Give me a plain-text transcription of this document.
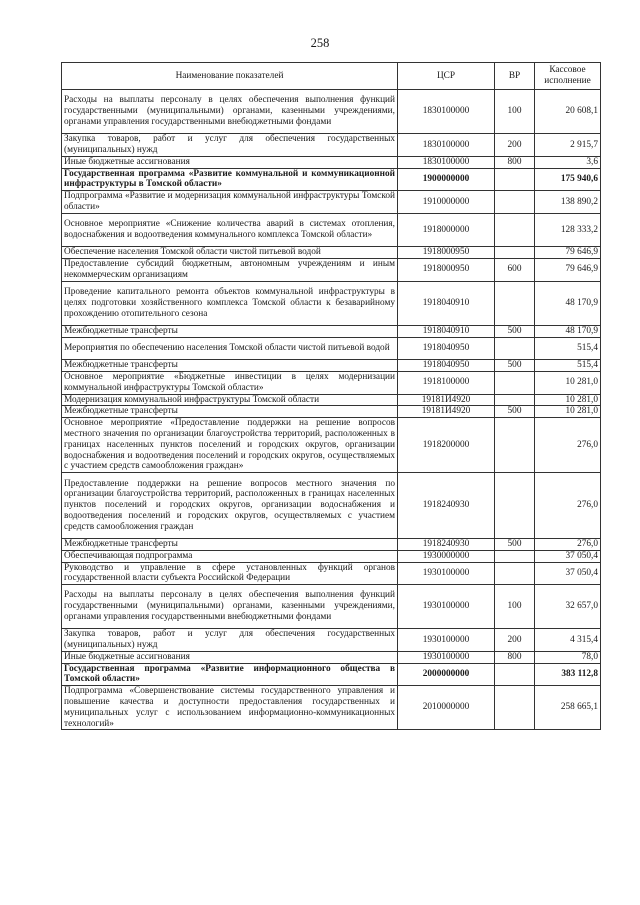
258
Наименование показателей	ЦСР	ВР	Кассовое исполнение
Расходы на выплаты персоналу в целях обеспечения выполнения функций государственными (муниципальными) органами, казенными учреждениями, органами управления государственными внебюджетными фондами	1830100000	100	20 608,1
Закупка товаров, работ и услуг для обеспечения государственных (муниципальных) нужд	1830100000	200	2 915,7
Иные бюджетные ассигнования	1830100000	800	3,6
Государственная программа «Развитие коммунальной и коммуникационной инфраструктуры в Томской области»	1900000000		175 940,6
Подпрограмма «Развитие и модернизация коммунальной инфраструктуры Томской области»	1910000000		138 890,2
Основное мероприятие «Снижение количества аварий в системах отопления, водоснабжения и водоотведения коммунального комплекса Томской области»	1918000000		128 333,2
Обеспечение населения Томской области чистой питьевой водой	1918000950		79 646,9
Предоставление субсидий бюджетным, автономным учреждениям и иным некоммерческим организациям	1918000950	600	79 646,9
Проведение капитального ремонта объектов коммунальной инфраструктуры в целях подготовки хозяйственного комплекса Томской области к безаварийному прохождению отопительного сезона	1918040910		48 170,9
Межбюджетные трансферты	1918040910	500	48 170,9
Мероприятия по обеспечению населения Томской области чистой питьевой водой	1918040950		515,4
Межбюджетные трансферты	1918040950	500	515,4
Основное мероприятие «Бюджетные инвестиции в целях модернизации коммунальной инфраструктуры Томской области»	1918100000		10 281,0
Модернизация коммунальной инфраструктуры Томской области	19181И4920		10 281,0
Межбюджетные трансферты	19181И4920	500	10 281,0
Основное мероприятие «Предоставление поддержки на решение вопросов местного значения по организации благоустройства территорий, расположенных в границах населенных пунктов поселений и городских округов, организации водоснабжения и водоотведения поселений и городских округов, осуществляемых с участием средств самообложения граждан»	1918200000		276,0
Предоставление поддержки на решение вопросов местного значения по организации благоустройства территорий, расположенных в границах населенных пунктов поселений и городских округов, организации водоснабжения и водоотведения поселений и городских округов, осуществляемых с участием средств самообложения граждан	1918240930		276,0
Межбюджетные трансферты	1918240930	500	276,0
Обеспечивающая подпрограмма	1930000000		37 050,4
Руководство и управление в сфере установленных функций органов государственной власти субъекта Российской Федерации	1930100000		37 050,4
Расходы на выплаты персоналу в целях обеспечения выполнения функций государственными (муниципальными) органами, казенными учреждениями, органами управления государственными внебюджетными фондами	1930100000	100	32 657,0
Закупка товаров, работ и услуг для обеспечения государственных (муниципальных) нужд	1930100000	200	4 315,4
Иные бюджетные ассигнования	1930100000	800	78,0
Государственная программа «Развитие информационного общества в Томской области»	2000000000		383 112,8
Подпрограмма «Совершенствование системы государственного управления и повышение качества и доступности предоставления государственных и муниципальных услуг с использованием информационно-коммуникационных технологий»	2010000000		258 665,1
